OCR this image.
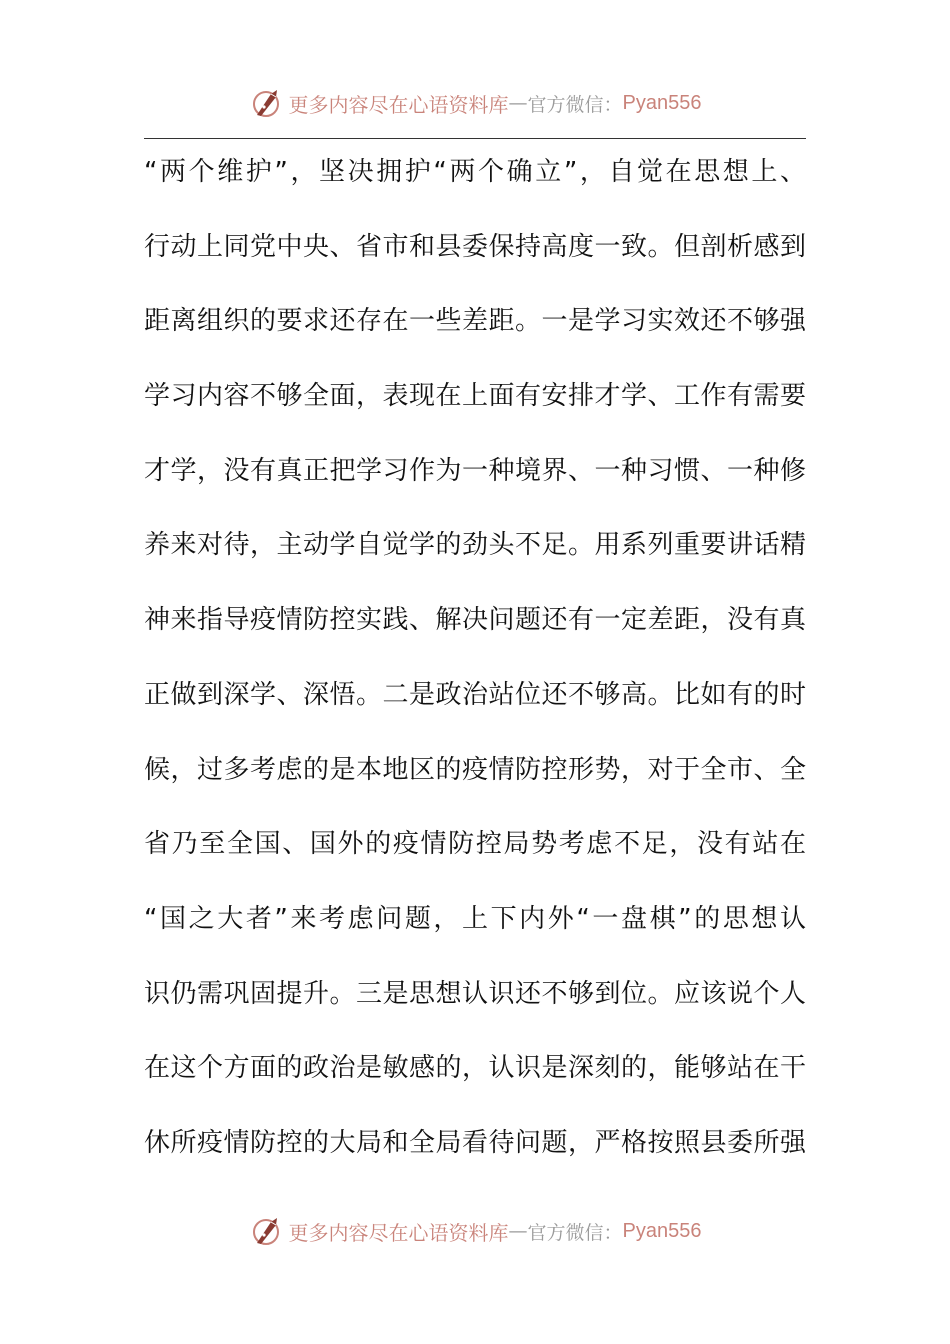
更多内容尽在心语资料库 — 官方微信： Pyan556
“两个维护”，坚决拥护“两个确立”，自觉在思想上、
行动上同党中央、省市和县委保持高度一致。但剖析感到
距离组织的要求还存在一些差距。一是学习实效还不够强
学习内容不够全面，表现在上面有安排才学、工作有需要
才学，没有真正把学习作为一种境界、一种习惯、一种修
养来对待，主动学自觉学的劲头不足。用系列重要讲话精
神来指导疫情防控实践、解决问题还有一定差距，没有真
正做到深学、深悟。二是政治站位还不够高。比如有的时
候，过多考虑的是本地区的疫情防控形势，对于全市、全
省乃至全国、国外的疫情防控局势考虑不足，没有站在
“国之大者”来考虑问题，上下内外“一盘棋”的思想认
识仍需巩固提升。三是思想认识还不够到位。应该说个人
在这个方面的政治是敏感的，认识是深刻的，能够站在干
休所疫情防控的大局和全局看待问题，严格按照县委所强
更多内容尽在心语资料库 — 官方微信： Pyan556
